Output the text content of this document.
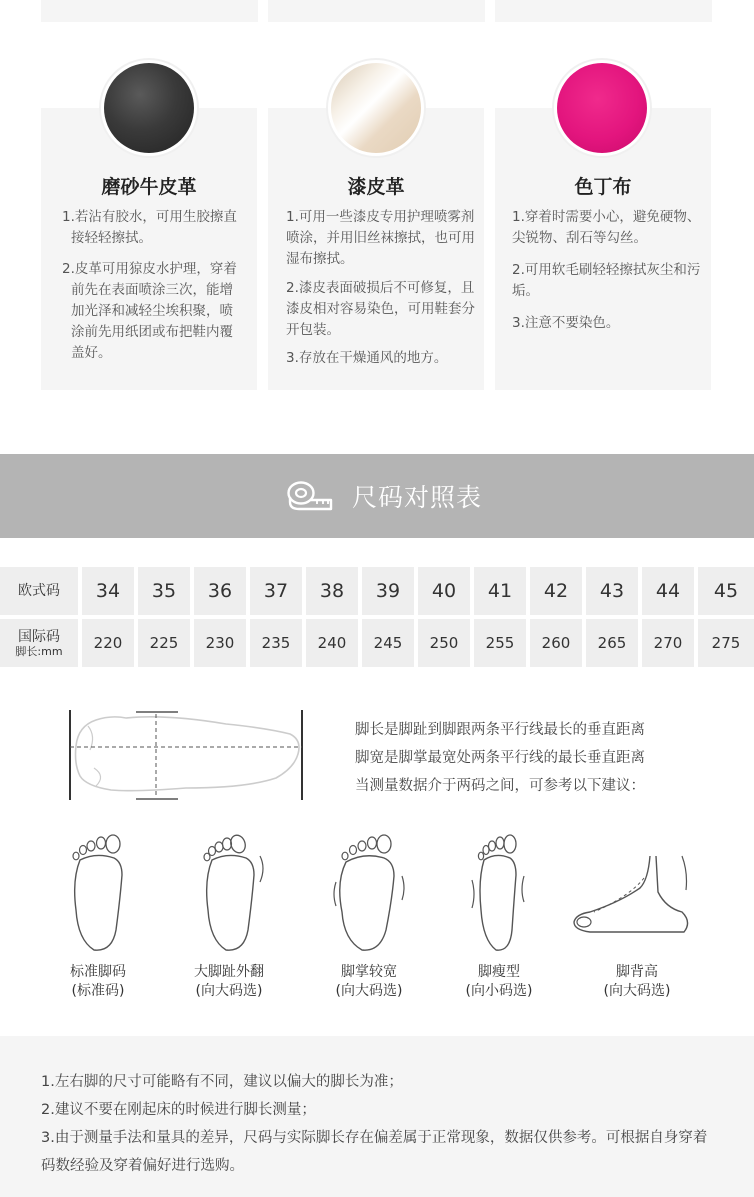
磨砂牛皮革	漆皮革	色丁布
1.若沾有胶水，可用生胶擦直接轻轻擦拭。
2.皮革可用猄皮水护理，穿着前先在表面喷涂三次，能增加光泽和减轻尘埃积聚，喷涂前先用纸团或布把鞋内覆盖好。
1.可用一些漆皮专用护理喷雾剂喷涂，并用旧丝袜擦拭，也可用湿布擦拭。
2.漆皮表面破损后不可修复，且漆皮相对容易染色，可用鞋套分开包装。
3.存放在干燥通风的地方。
1.穿着时需要小心，避免硬物、尖锐物、刮石等勾丝。
2.可用软毛刷轻轻擦拭灰尘和污垢。
3.注意不要染色。
尺码对照表
欧式码
国际码
脚长:mm
34
220
35
225
36
230
37
235
38
240
39
245
40
250
41
255
42
260
43
265
44
270
45
275
脚长是脚趾到脚跟两条平行线最长的垂直距离
脚宽是脚掌最宽处两条平行线的最长垂直距离
当测量数据介于两码之间，可参考以下建议：
标准脚码
(标准码)
大脚趾外翻
(向大码选)
脚掌较宽
(向大码选)
脚瘦型
(向小码选)
脚背高
(向大码选)
1.左右脚的尺寸可能略有不同，建议以偏大的脚长为准；
2.建议不要在刚起床的时候进行脚长测量；
3.由于测量手法和量具的差异，尺码与实际脚长存在偏差属于正常现象，数据仅供参考。可根据自身穿着码数经验及穿着偏好进行选购。
